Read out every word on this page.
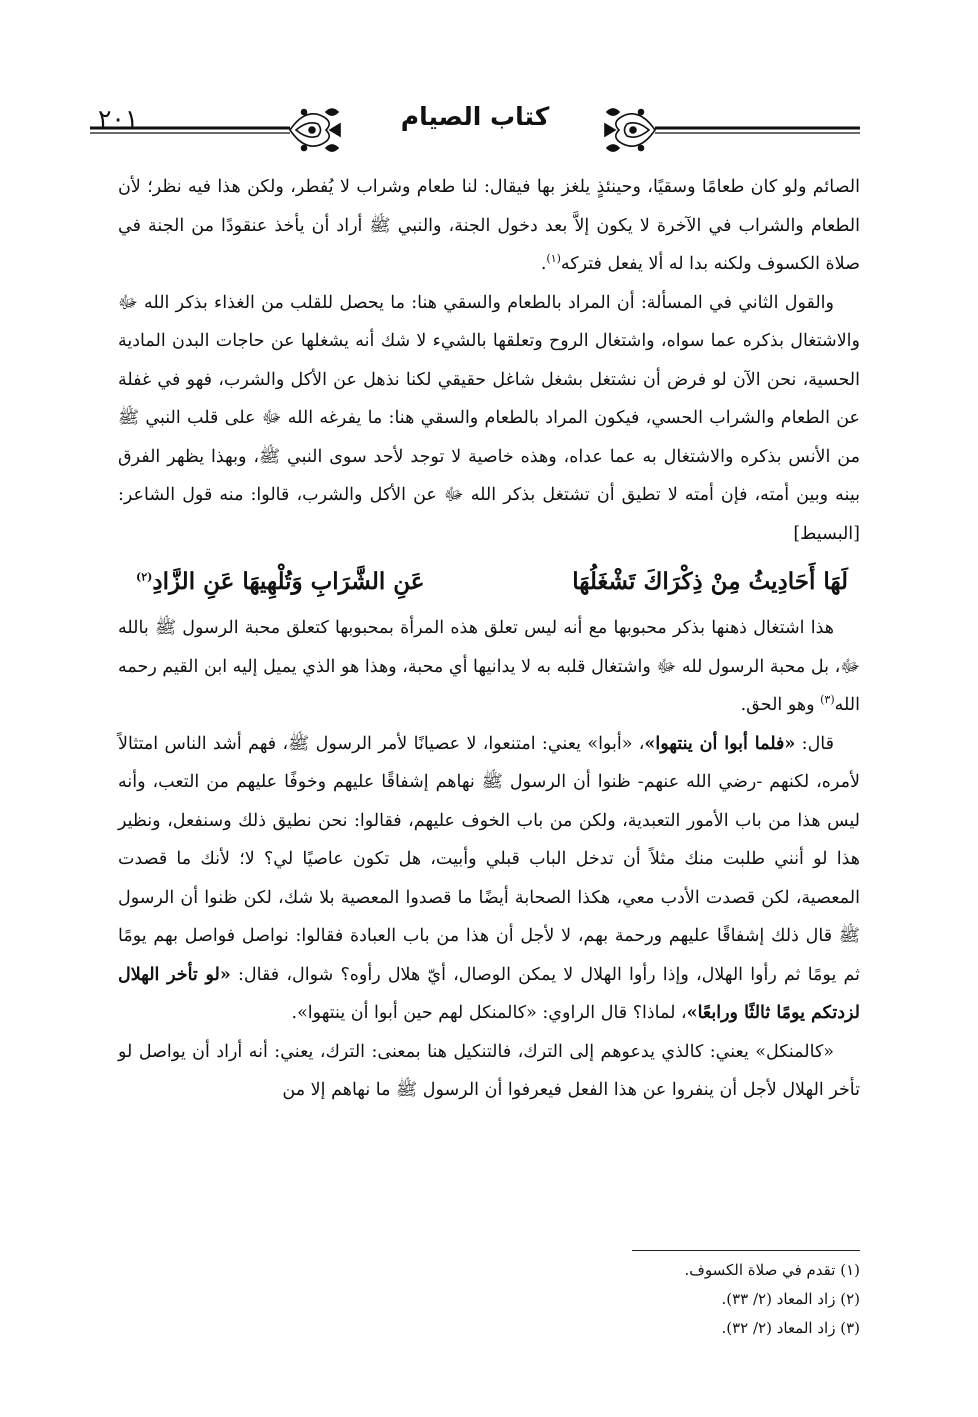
٢٠١	كتاب الصيام

الصائم ولو كان طعامًا وسقيًا، وحينئذٍ يلغز بها فيقال: لنا طعام وشراب لا يُفطر، ولكن هذا فيه نظر؛ لأن الطعام والشراب في الآخرة لا يكون إلاَّ بعد دخول الجنة، والنبي ﷺ أراد أن يأخذ عنقودًا من الجنة في صلاة الكسوف ولكنه بدا له ألا يفعل فتركه$^{(١)}$.

والقول الثاني في المسألة: أن المراد بالطعام والسقي هنا: ما يحصل للقلب من الغذاء بذكر الله ﷻ والاشتغال بذكره عما سواه، واشتغال الروح وتعلقها بالشيء لا شك أنه يشغلها عن حاجات البدن المادية الحسية، نحن الآن لو فرض أن نشتغل بشغل شاغل حقيقي لكنا نذهل عن الأكل والشرب، فهو في غفلة عن الطعام والشراب الحسي، فيكون المراد بالطعام والسقي هنا: ما يفرغه الله ﷻ على قلب النبي ﷺ من الأنس بذكره والاشتغال به عما عداه، وهذه خاصية لا توجد لأحد سوى النبي ﷺ، وبهذا يظهر الفرق بينه وبين أمته، فإن أمته لا تطيق أن تشتغل بذكر الله ﷻ عن الأكل والشرب، قالوا: منه قول الشاعر: [البسيط]

لَهَا أَحَادِيثُ مِنْ ذِكْرَاكَ تَشْغَلُهَا
عَنِ الشَّرَابِ وَتُلْهِيهَا عَنِ الزَّادِ$^{(٢)}$

هذا اشتغال ذهنها بذكر محبوبها مع أنه ليس تعلق هذه المرأة بمحبوبها كتعلق محبة الرسول ﷺ بالله ﷻ، بل محبة الرسول لله ﷻ واشتغال قلبه به لا يدانيها أي محبة، وهذا هو الذي يميل إليه ابن القيم رحمه الله$^{(٣)}$ وهو الحق.

قال: «فلما أبوا أن ينتهوا»، «أبوا» يعني: امتنعوا، لا عصيانًا لأمر الرسول ﷺ، فهم أشد الناس امتثالاً لأمره، لكنهم -رضي الله عنهم- ظنوا أن الرسول ﷺ نهاهم إشفاقًا عليهم وخوفًا عليهم من التعب، وأنه ليس هذا من باب الأمور التعبدية، ولكن من باب الخوف عليهم، فقالوا: نحن نطيق ذلك وسنفعل، ونظير هذا لو أنني طلبت منك مثلاً أن تدخل الباب قبلي وأبيت، هل تكون عاصيًا لي؟ لا؛ لأنك ما قصدت المعصية، لكن قصدت الأدب معي، هكذا الصحابة أيضًا ما قصدوا المعصية بلا شك، لكن ظنوا أن الرسول ﷺ قال ذلك إشفاقًا عليهم ورحمة بهم، لا لأجل أن هذا من باب العبادة فقالوا: نواصل فواصل بهم يومًا ثم يومًا ثم رأوا الهلال، وإذا رأوا الهلال لا يمكن الوصال، أيّ هلال رأوه؟ شوال، فقال: «لو تأخر الهلال لزدتكم يومًا ثالثًا ورابعًا»، لماذا؟ قال الراوي: «كالمنكل لهم حين أبوا أن ينتهوا».

«كالمنكل» يعني: كالذي يدعوهم إلى الترك، فالتنكيل هنا بمعنى: الترك، يعني: أنه أراد أن يواصل لو تأخر الهلال لأجل أن ينفروا عن هذا الفعل فيعرفوا أن الرسول ﷺ ما نهاهم إلا من

(١) تقدم في صلاة الكسوف.
(٢) زاد المعاد (٢/ ٣٣).
(٣) زاد المعاد (٢/ ٣٢).
